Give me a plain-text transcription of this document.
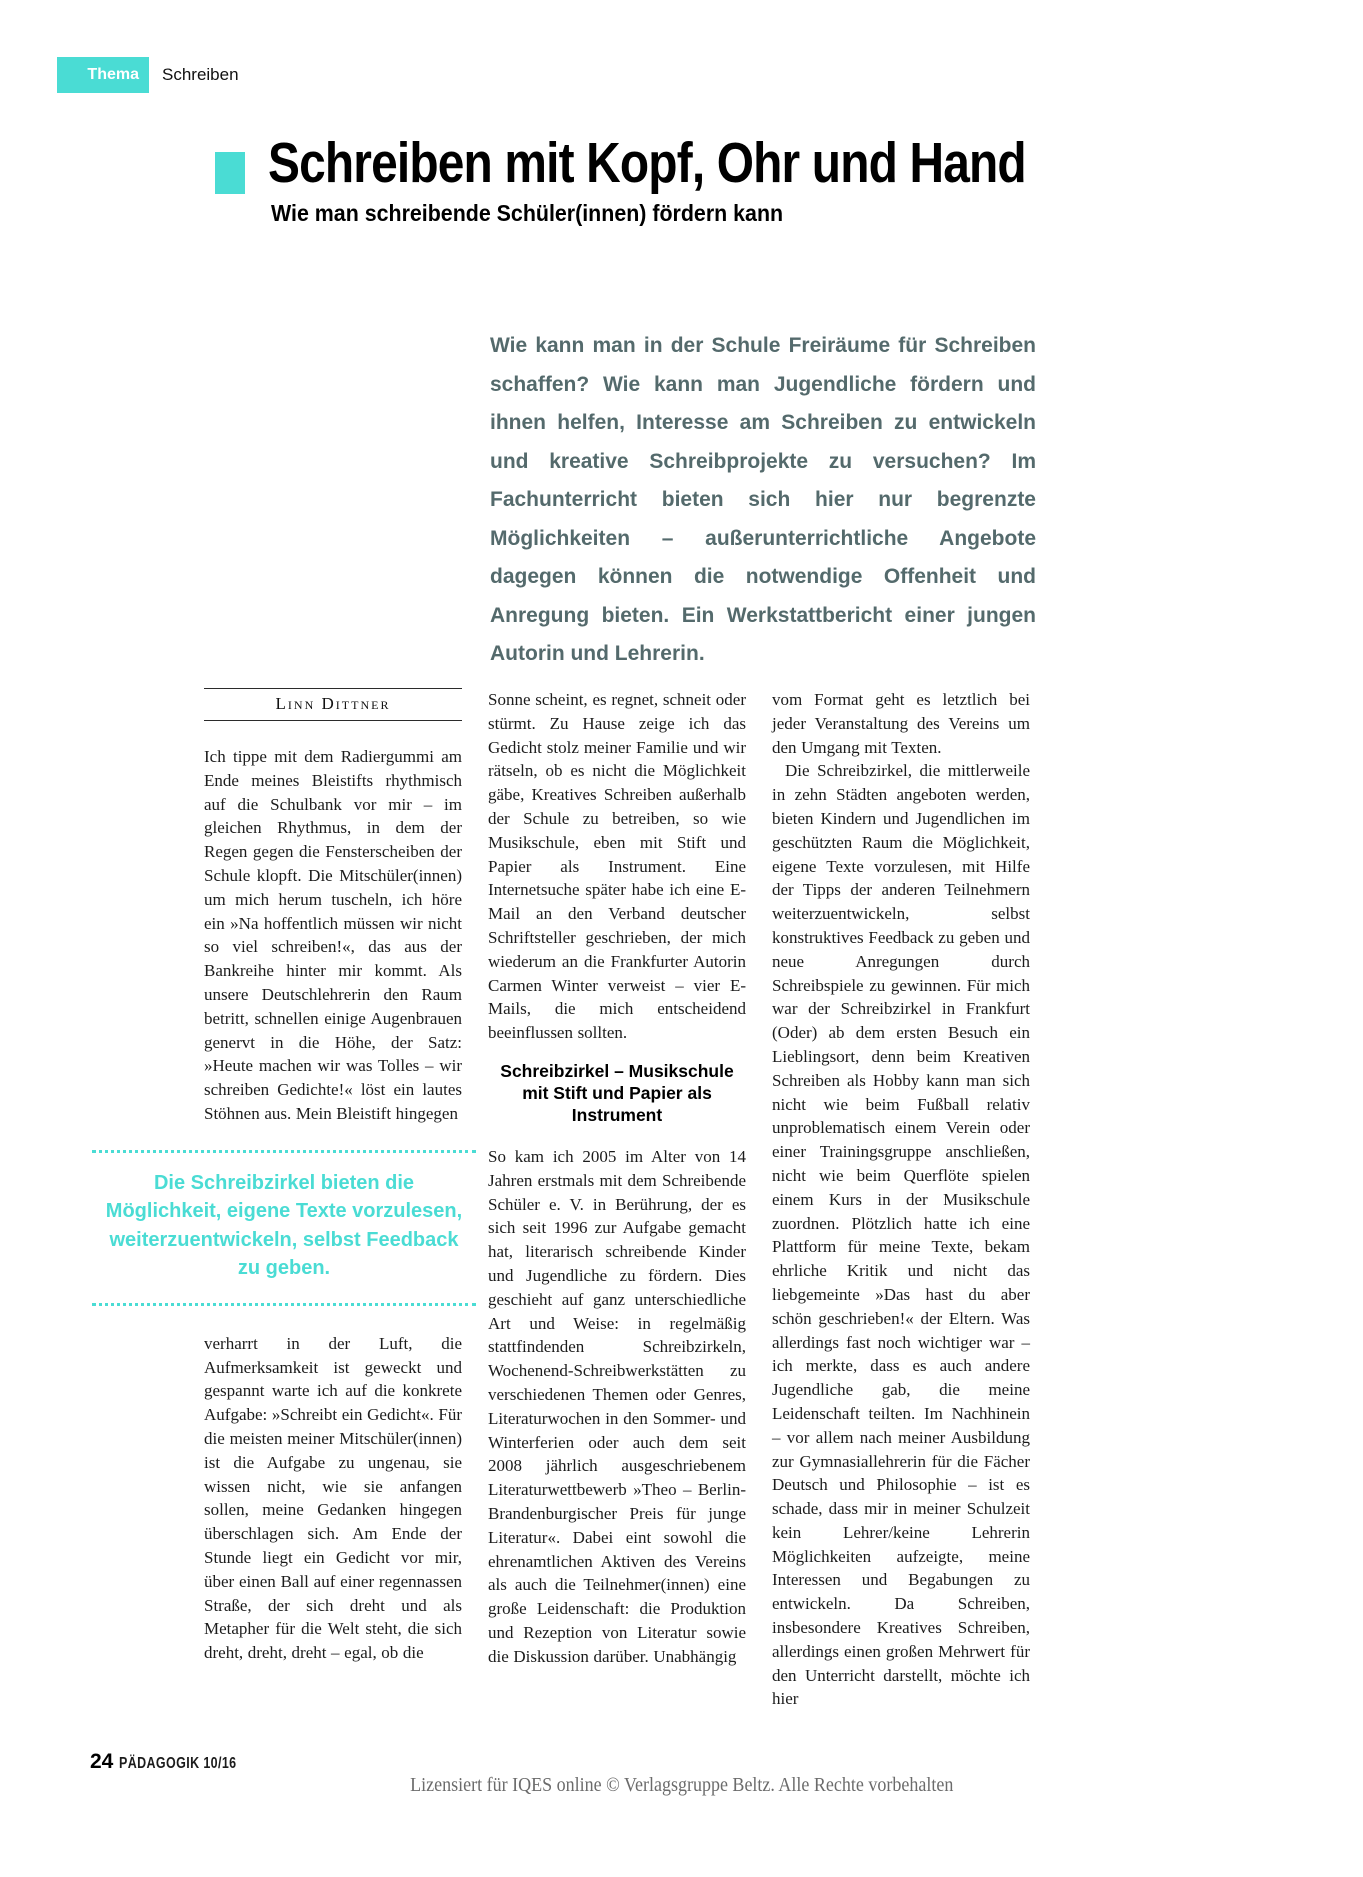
Thema	Schreiben
Schreiben mit Kopf, Ohr und Hand
Wie man schreibende Schüler(innen) fördern kann

Wie kann man in der Schule Freiräume für Schreiben schaffen? Wie kann man Jugendliche fördern und ihnen helfen, Interesse am Schreiben zu entwickeln und kreative Schreibprojekte zu versuchen? Im Fachunterricht bieten sich hier nur begrenzte Möglichkeiten – außerunterrichtliche Angebote dagegen können die notwendige Offenheit und Anregung bieten. Ein Werkstattbericht einer jungen Autorin und Lehrerin.

Linn Dittner

Ich tippe mit dem Radiergummi am Ende meines Bleistifts rhythmisch auf die Schulbank vor mir – im gleichen Rhythmus, in dem der Regen gegen die Fensterscheiben der Schule klopft. Die Mitschüler(innen) um mich herum tuscheln, ich höre ein »Na hoffentlich müssen wir nicht so viel schreiben!«, das aus der Bankreihe hinter mir kommt. Als unsere Deutschlehrerin den Raum betritt, schnellen einige Augenbrauen genervt in die Höhe, der Satz: »Heute machen wir was Tolles – wir schreiben Gedichte!« löst ein lautes Stöhnen aus. Mein Bleistift hingegen

Die Schreibzirkel bieten die Möglichkeit, eigene Texte vorzulesen, weiterzuentwickeln, selbst Feedback zu geben.

verharrt in der Luft, die Aufmerksamkeit ist geweckt und gespannt warte ich auf die konkrete Aufgabe: »Schreibt ein Gedicht«. Für die meisten meiner Mitschüler(innen) ist die Aufgabe zu ungenau, sie wissen nicht, wie sie anfangen sollen, meine Gedanken hingegen überschlagen sich. Am Ende der Stunde liegt ein Gedicht vor mir, über einen Ball auf einer regennassen Straße, der sich dreht und als Metapher für die Welt steht, die sich dreht, dreht, dreht – egal, ob die

Sonne scheint, es regnet, schneit oder stürmt. Zu Hause zeige ich das Gedicht stolz meiner Familie und wir rätseln, ob es nicht die Möglichkeit gäbe, Kreatives Schreiben außerhalb der Schule zu betreiben, so wie Musikschule, eben mit Stift und Papier als Instrument. Eine Internetsuche später habe ich eine E-Mail an den Verband deutscher Schriftsteller geschrieben, der mich wiederum an die Frankfurter Autorin Carmen Winter verweist – vier E-Mails, die mich entscheidend beeinflussen sollten.

Schreibzirkel – Musikschule mit Stift und Papier als Instrument

So kam ich 2005 im Alter von 14 Jahren erstmals mit dem Schreibende Schüler e. V. in Berührung, der es sich seit 1996 zur Aufgabe gemacht hat, literarisch schreibende Kinder und Jugendliche zu fördern. Dies geschieht auf ganz unterschiedliche Art und Weise: in regelmäßig stattfindenden Schreibzirkeln, Wochenend-Schreibwerkstätten zu verschiedenen Themen oder Genres, Literaturwochen in den Sommer- und Winterferien oder auch dem seit 2008 jährlich ausgeschriebenem Literaturwettbewerb »Theo – Berlin-Brandenburgischer Preis für junge Literatur«. Dabei eint sowohl die ehrenamtlichen Aktiven des Vereins als auch die Teilnehmer(innen) eine große Leidenschaft: die Produktion und Rezeption von Literatur sowie die Diskussion darüber. Unabhängig

vom Format geht es letztlich bei jeder Veranstaltung des Vereins um den Umgang mit Texten.

Die Schreibzirkel, die mittlerweile in zehn Städten angeboten werden, bieten Kindern und Jugendlichen im geschützten Raum die Möglichkeit, eigene Texte vorzulesen, mit Hilfe der Tipps der anderen Teilnehmern weiterzuentwickeln, selbst konstruktives Feedback zu geben und neue Anregungen durch Schreibspiele zu gewinnen. Für mich war der Schreibzirkel in Frankfurt (Oder) ab dem ersten Besuch ein Lieblingsort, denn beim Kreativen Schreiben als Hobby kann man sich nicht wie beim Fußball relativ unproblematisch einem Verein oder einer Trainingsgruppe anschließen, nicht wie beim Querflöte spielen einem Kurs in der Musikschule zuordnen. Plötzlich hatte ich eine Plattform für meine Texte, bekam ehrliche Kritik und nicht das liebgemeinte »Das hast du aber schön geschrieben!« der Eltern. Was allerdings fast noch wichtiger war – ich merkte, dass es auch andere Jugendliche gab, die meine Leidenschaft teilten. Im Nachhinein – vor allem nach meiner Ausbildung zur Gymnasiallehrerin für die Fächer Deutsch und Philosophie – ist es schade, dass mir in meiner Schulzeit kein Lehrer/keine Lehrerin Möglichkeiten aufzeigte, meine Interessen und Begabungen zu entwickeln. Da Schreiben, insbesondere Kreatives Schreiben, allerdings einen großen Mehrwert für den Unterricht darstellt, möchte ich hier

24 PÄDAGOGIK 10/16
Lizensiert für IQES online © Verlagsgruppe Beltz. Alle Rechte vorbehalten
